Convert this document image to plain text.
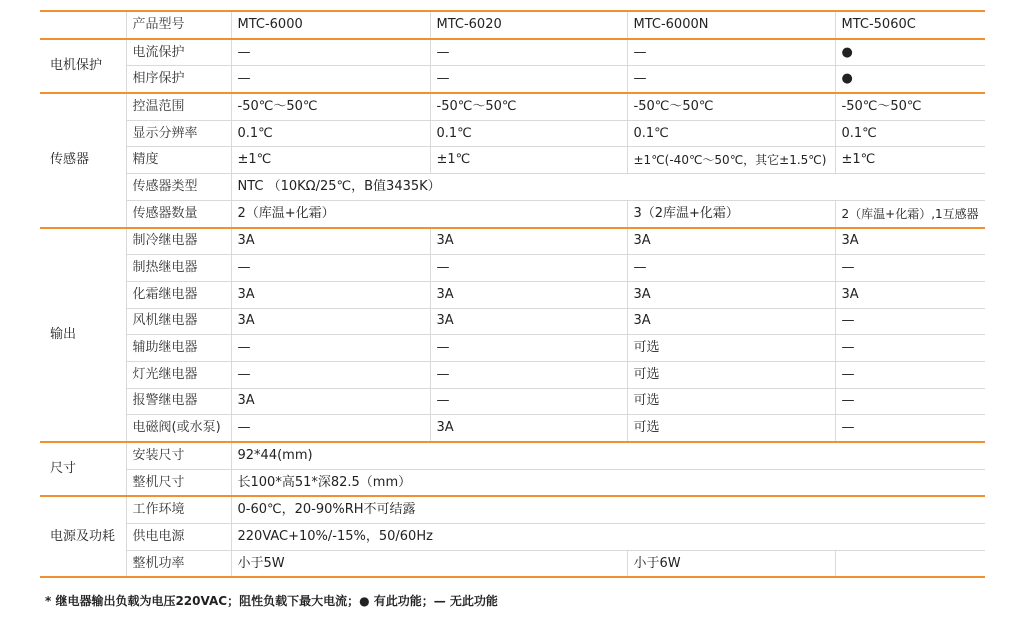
	产品型号	MTC-6000	MTC-6020	MTC-6000N	MTC-5060C
电机保护	电流保护	—	—	—	●
	相序保护	—	—	—	●
传感器	控温范围	-50℃～50℃	-50℃～50℃	-50℃～50℃	-50℃～50℃
	显示分辨率	0.1℃	0.1℃	0.1℃	0.1℃
	精度	±1℃	±1℃	±1℃(-40℃～50℃，其它±1.5℃)	±1℃
	传感器类型	NTC （10KΩ/25℃，B值3435K）			
	传感器数量	2（库温+化霜）		3（2库温+化霜）	2（库温+化霜）,1互感器
输出	制冷继电器	3A	3A	3A	3A
	制热继电器	—	—	—	—
	化霜继电器	3A	3A	3A	3A
	风机继电器	3A	3A	3A	—
	辅助继电器	—	—	可选	—
	灯光继电器	—	—	可选	—
	报警继电器	3A	—	可选	—
	电磁阀(或水泵)	—	3A	可选	—
尺寸	安装尺寸	92*44(mm)			
	整机尺寸	长100*高51*深82.5（mm）			
电源及功耗	工作环境	0-60℃，20-90%RH不可结露			
	供电电源	220VAC+10%/-15%，50/60Hz			
	整机功率	小于5W		小于6W	
* 继电器输出负载为电压220VAC；阻性负载下最大电流；● 有此功能；— 无此功能
